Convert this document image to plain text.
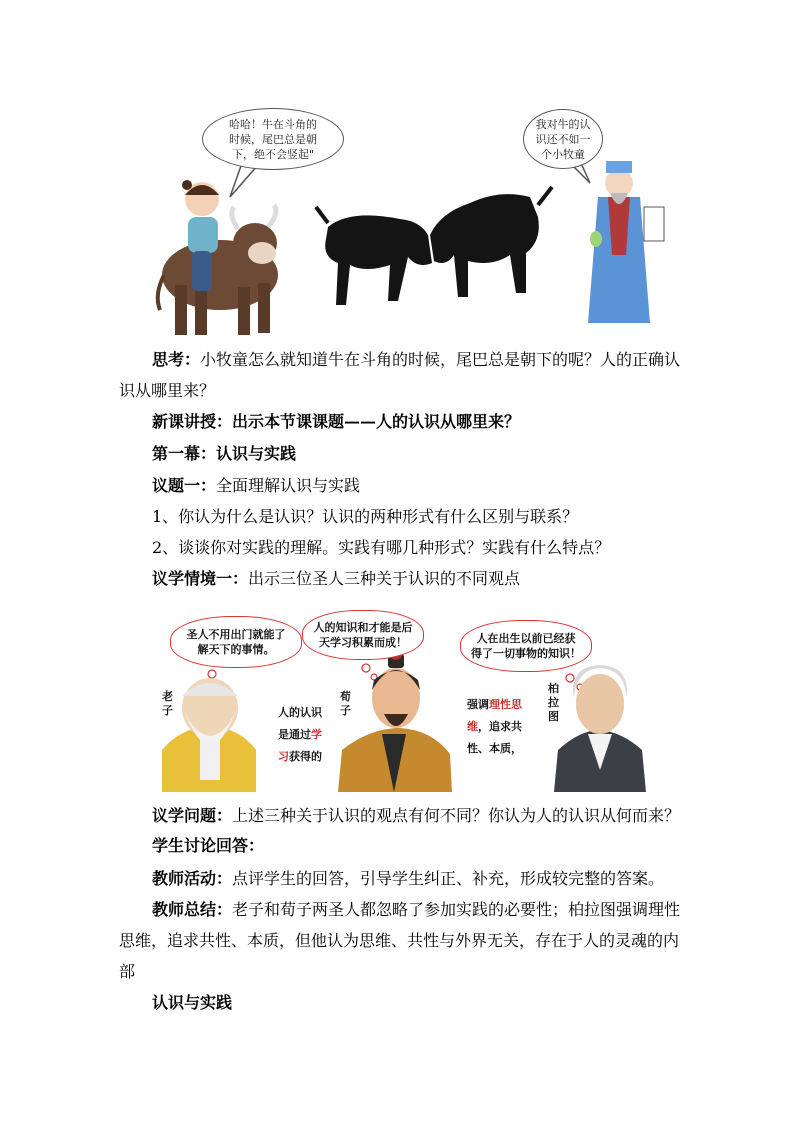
哈哈！牛在斗角的
时候，尾巴总是朝
下，绝不会竖起"
我对牛的认
识还不如一
个小牧童
思考：小牧童怎么就知道牛在斗角的时候，尾巴总是朝下的呢？人的正确认
识从哪里来？
新课讲授：出示本节课课题——人的认识从哪里来？
第一幕：认识与实践
议题一：全面理解认识与实践
1、你认为什么是认识？认识的两种形式有什么区别与联系？
2、谈谈你对实践的理解。实践有哪几种形式？实践有什么特点？
议学情境一：出示三位圣人三种关于认识的不同观点
圣人不用出门就能了
解天下的事情。
人的知识和才能是后
天学习积累而成！	人在出生以前已经获
得了一切事物的知识！
老
子
荀
子
柏
拉
图
人的认识
是通过学
习获得的
强调理性思
维，追求共
性、本质，
议学问题：上述三种关于认识的观点有何不同？你认为人的认识从何而来？
学生讨论回答：
教师活动：点评学生的回答，引导学生纠正、补充，形成较完整的答案。
教师总结：老子和荀子两圣人都忽略了参加实践的必要性；柏拉图强调理性
思维，追求共性、本质，但他认为思维、共性与外界无关，存在于人的灵魂的内
部
认识与实践
